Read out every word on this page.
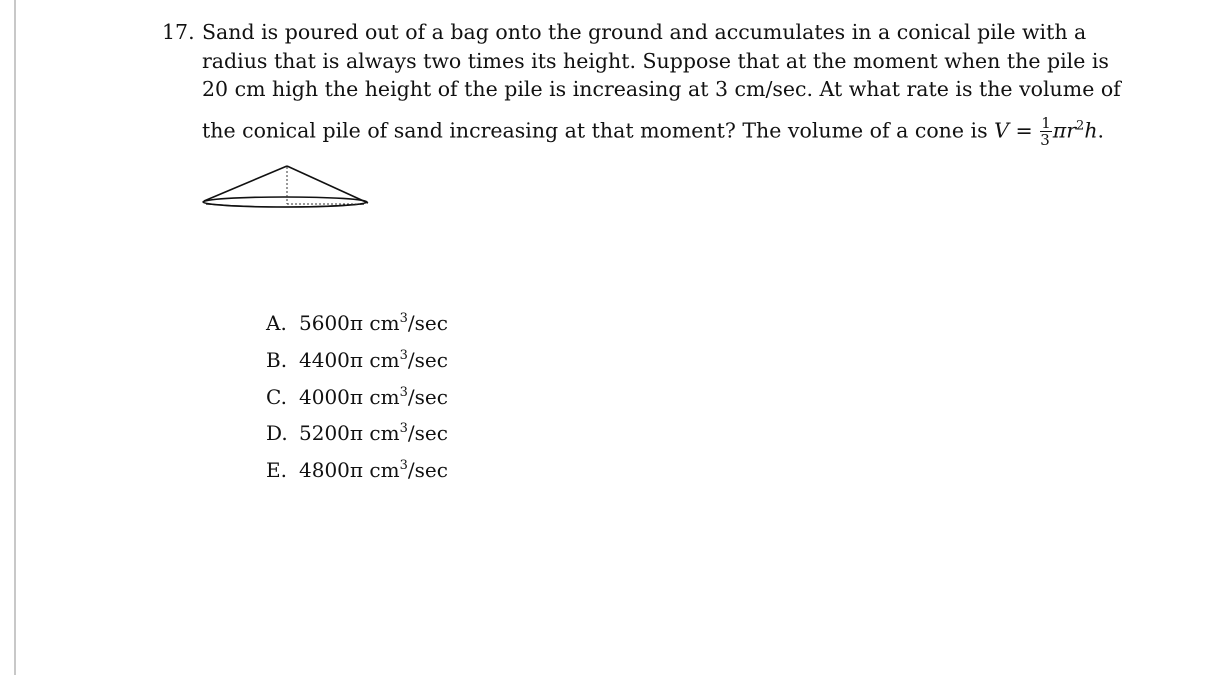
17. Sand is poured out of a bag onto the ground and accumulates in a conical pile with a
radius that is always two times its height. Suppose that at the moment when the pile is
20 cm high the height of the pile is increasing at 3 cm/sec. At what rate is the volume of
the conical pile of sand increasing at that moment? The volume of a cone is $V = \frac{1}{3} \pi r^2h$.
A. 5600π $cm^3/\sec$
B. 4400π $cm^3/\sec$
C. 4000π $cm^3/\sec$
D. 5200π $cm^3/\sec$
E. 4800π $cm^3/\sec$
